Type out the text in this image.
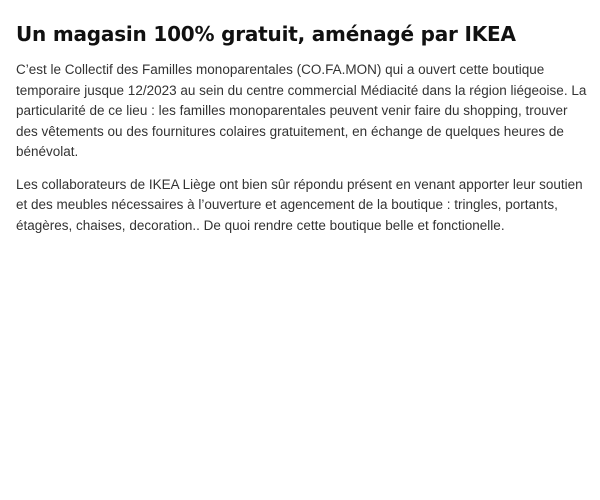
Un magasin 100% gratuit, aménagé par IKEA

C’est le Collectif des Familles monoparentales (CO.FA.MON) qui a ouvert cette boutique temporaire jusque 12/2023 au sein du centre commercial Médiacité dans la région liégeoise. La particularité de ce lieu : les familles monoparentales peuvent venir faire du shopping, trouver des vêtements ou des fournitures colaires gratuitement, en échange de quelques heures de bénévolat.

Les collaborateurs de IKEA Liège ont bien sûr répondu présent en venant apporter leur soutien et des meubles nécessaires à l’ouverture et agencement de la boutique : tringles, portants, étagères, chaises, decoration.. De quoi rendre cette boutique belle et fonctionelle.
